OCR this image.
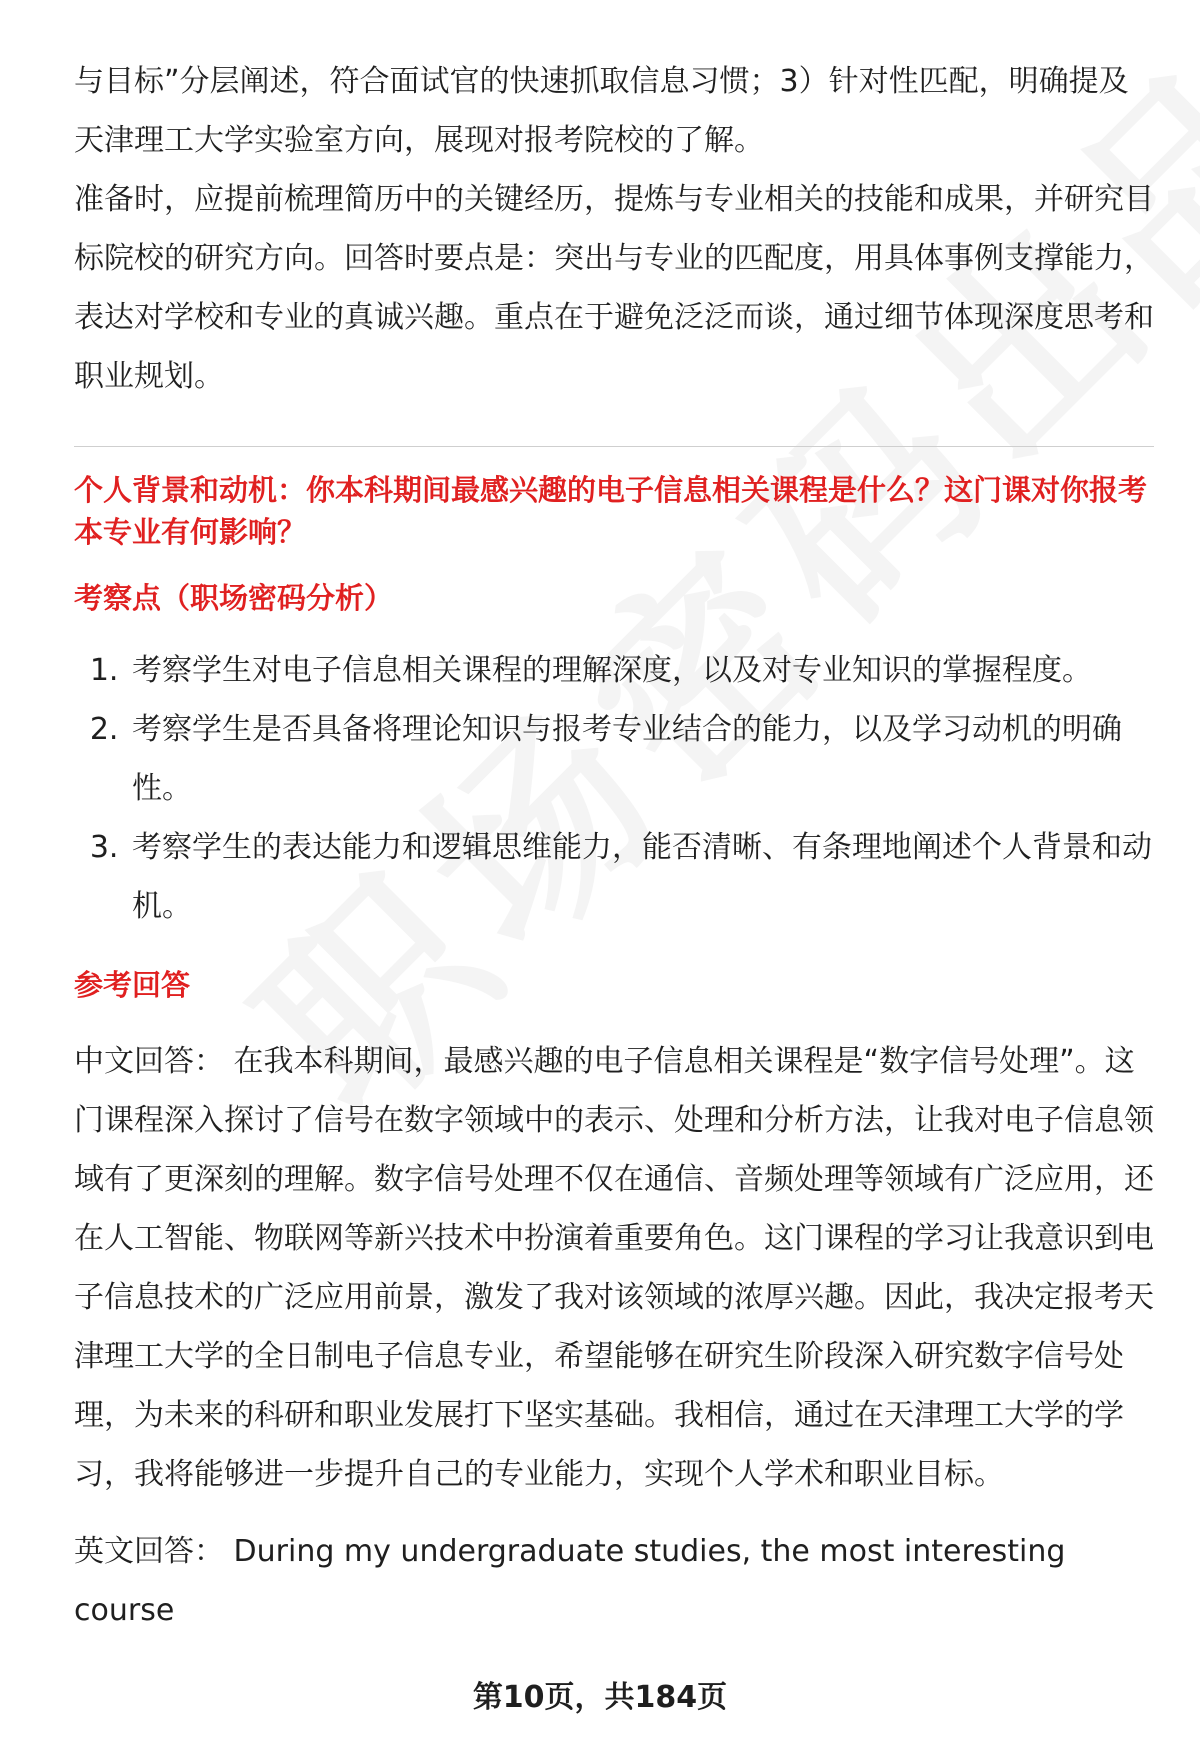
与目标”分层阐述，符合面试官的快速抓取信息习惯；3）针对性匹配，明确提及天津理工大学实验室方向，展现对报考院校的了解。

准备时，应提前梳理简历中的关键经历，提炼与专业相关的技能和成果，并研究目标院校的研究方向。回答时要点是：突出与专业的匹配度，用具体事例支撑能力，表达对学校和专业的真诚兴趣。重点在于避免泛泛而谈，通过细节体现深度思考和职业规划。

个人背景和动机：你本科期间最感兴趣的电子信息相关课程是什么？这门课对你报考本专业有何影响？

考察点（职场密码分析）

1. 考察学生对电子信息相关课程的理解深度，以及对专业知识的掌握程度。
2. 考察学生是否具备将理论知识与报考专业结合的能力，以及学习动机的明确性。
3. 考察学生的表达能力和逻辑思维能力，能否清晰、有条理地阐述个人背景和动机。

参考回答

中文回答： 在我本科期间，最感兴趣的电子信息相关课程是“数字信号处理”。这门课程深入探讨了信号在数字领域中的表示、处理和分析方法，让我对电子信息领域有了更深刻的理解。数字信号处理不仅在通信、音频处理等领域有广泛应用，还在人工智能、物联网等新兴技术中扮演着重要角色。这门课程的学习让我意识到电子信息技术的广泛应用前景，激发了我对该领域的浓厚兴趣。因此，我决定报考天津理工大学的全日制电子信息专业，希望能够在研究生阶段深入研究数字信号处理，为未来的科研和职业发展打下坚实基础。我相信，通过在天津理工大学的学习，我将能够进一步提升自己的专业能力，实现个人学术和职业目标。

英文回答： During my undergraduate studies, the most interesting course

第10页，共184页
